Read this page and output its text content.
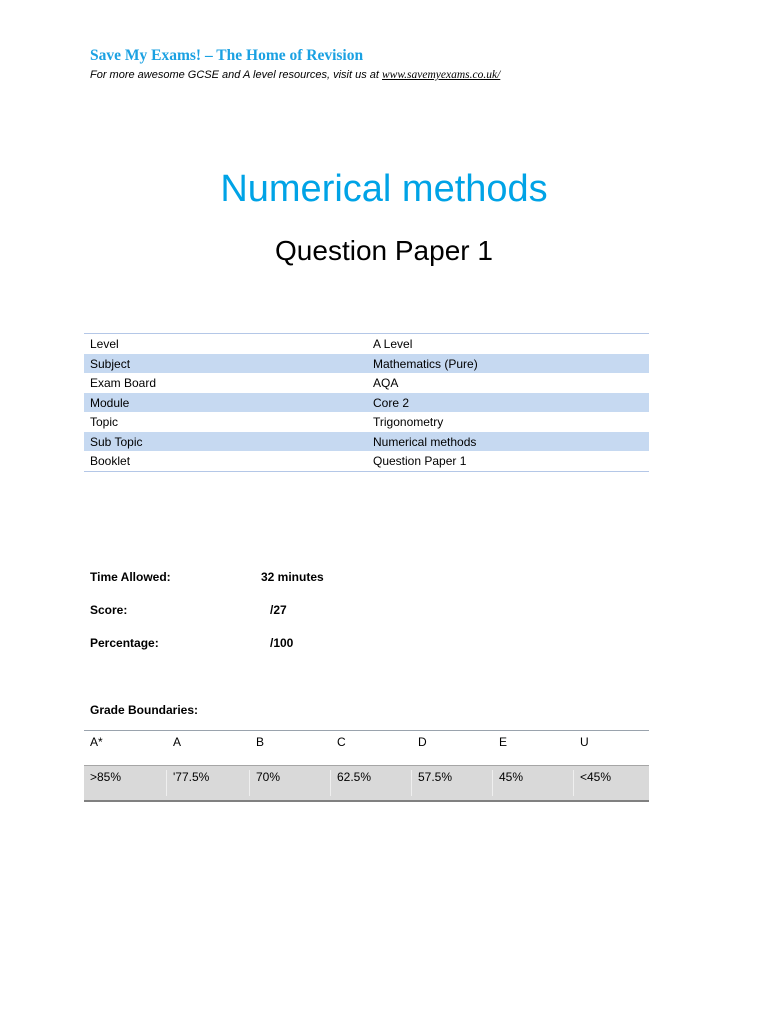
Save My Exams! – The Home of Revision
For more awesome GCSE and A level resources, visit us at www.savemyexams.co.uk/
Numerical methods
Question Paper 1
Level	A Level
Subject	Mathematics (Pure)
Exam Board	AQA
Module	Core 2
Topic	Trigonometry
Sub Topic	Numerical methods
Booklet	Question Paper 1
Time Allowed:	32 minutes
Score:	/27
Percentage:	/100
Grade Boundaries:
A*	A	B	C	D	E	U
>85%	'77.5%	70%	62.5%	57.5%	45%	<45%
